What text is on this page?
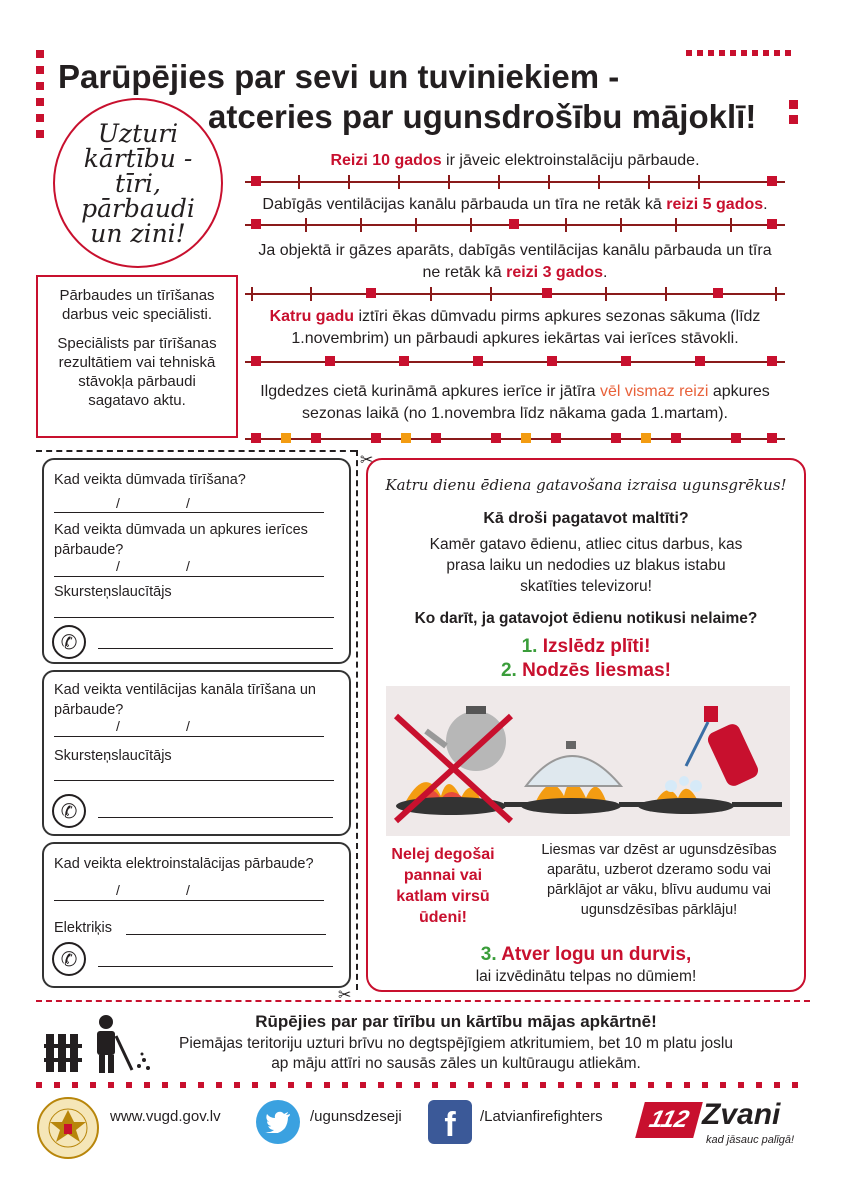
Parūpējies par sevi un tuviniekiem -
atceries par ugunsdrošību mājoklī!
Uzturi
kārtību -
tīri,
pārbaudi
un zini!
Pārbaudes un tīrīšanas darbus veic speciālisti.
Speciālists par tīrīšanas rezultātiem vai tehniskā stāvokļa pārbaudi sagatavo aktu.
Reizi 10 gados ir jāveic elektroinstalāciju pārbaude.
Dabīgās ventilācijas kanālu pārbauda un tīra ne retāk kā reizi 5 gados.
Ja objektā ir gāzes aparāts, dabīgās ventilācijas kanālu pārbauda un tīra ne retāk kā reizi 3 gados.
Katru gadu iztīri ēkas dūmvadu pirms apkures sezonas sākuma (līdz 1.novembrim) un pārbaudi apkures iekārtas vai ierīces stāvokli.
Ilgdedzes cietā kurināmā apkures ierīce ir jātīra vēl vismaz reizi apkures sezonas laikā (no 1.novembra līdz nākama gada 1.martam).
✂
✂
Kad veikta dūmvada tīrīšana?
/	/
Kad veikta dūmvada un apkures ierīces pārbaude?
/	/
Skursteņslaucītājs
✆
Kad veikta ventilācijas kanāla tīrīšana un pārbaude?
/	/
Skursteņslaucītājs
✆
Kad veikta elektroinstalācijas pārbaude?
/	/
Elektriķis
✆
Katru dienu ēdiena gatavošana izraisa ugunsgrēkus!
Kā droši pagatavot maltīti?
Kamēr gatavo ēdienu, atliec citus darbus, kas prasa laiku un nedodies uz blakus istabu skatīties televizoru!
Ko darīt, ja gatavojot ēdienu notikusi nelaime?
1. Izslēdz plīti!
2. Nodzēs liesmas!
Nelej degošai pannai vai katlam virsū ūdeni!
Liesmas var dzēst ar ugunsdzēsības aparātu, uzberot dzeramo sodu vai pārklājot ar vāku, blīvu audumu vai ugunsdzēsības pārklāju!
3. Atver logu un durvis,
lai izvēdinātu telpas no dūmiem!
Rūpējies par par tīrību un kārtību mājas apkārtnē!
Piemājas teritoriju uzturi brīvu no degtspējīgiem atkritumiem, bet 10 m platu joslu ap māju attīri no sausās zāles un kultūraugu atliekām.
www.vugd.gov.lv	/ugunsdzeseji	f	/Latvianfirefighters	112 Zvani
kad jāsauc palīgā!
